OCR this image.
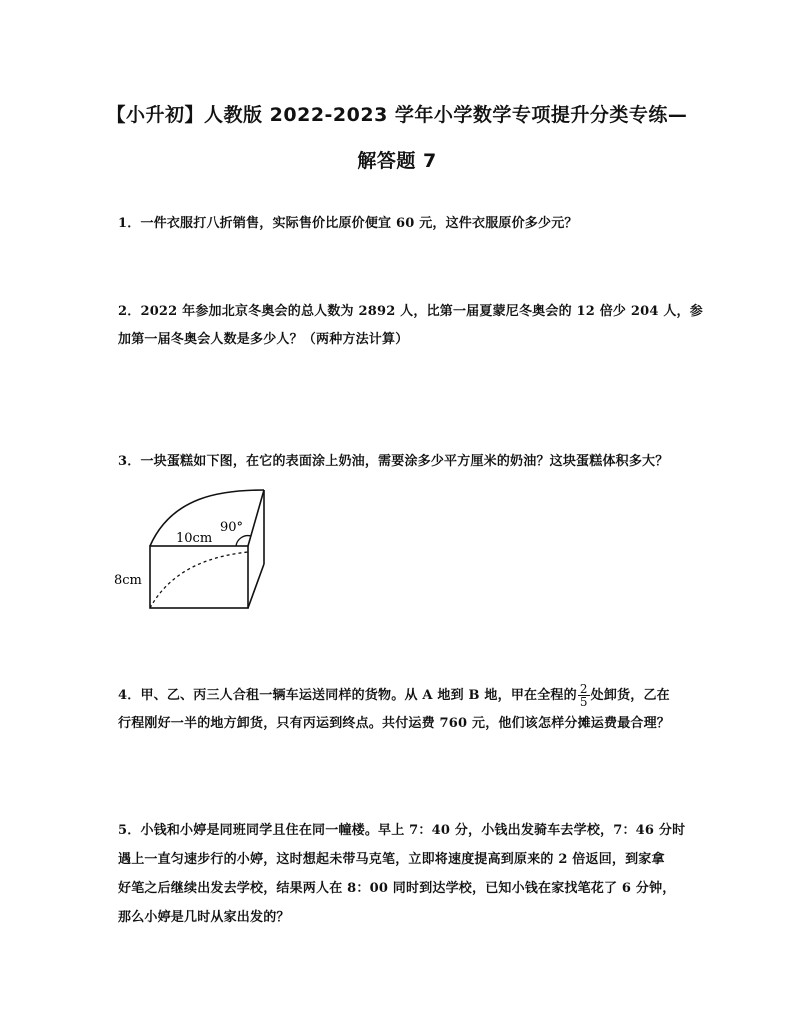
【小升初】人教版 2022-2023 学年小学数学专项提升分类专练—
解答题 7
1．一件衣服打八折销售，实际售价比原价便宜 60 元，这件衣服原价多少元？
2．2022 年参加北京冬奥会的总人数为 2892 人，比第一届夏蒙尼冬奥会的 12 倍少 204 人，参
加第一届冬奥会人数是多少人？（两种方法计算）
3．一块蛋糕如下图，在它的表面涂上奶油，需要涂多少平方厘米的奶油？这块蛋糕体积多大？
10cm
90°
8cm
4．甲、乙、丙三人合租一辆车运送同样的货物。从 A 地到 B 地，甲在全程的 $\frac{2}{5}$ 处卸货，乙在
行程刚好一半的地方卸货，只有丙运到终点。共付运费 760 元，他们该怎样分摊运费最合理？
5．小钱和小婷是同班同学且住在同一幢楼。早上 7：40 分，小钱出发骑车去学校，7：46 分时
遇上一直匀速步行的小婷，这时想起未带马克笔，立即将速度提高到原来的 2 倍返回，到家拿
好笔之后继续出发去学校，结果两人在 8：00 同时到达学校，已知小钱在家找笔花了 6 分钟，
那么小婷是几时从家出发的？
